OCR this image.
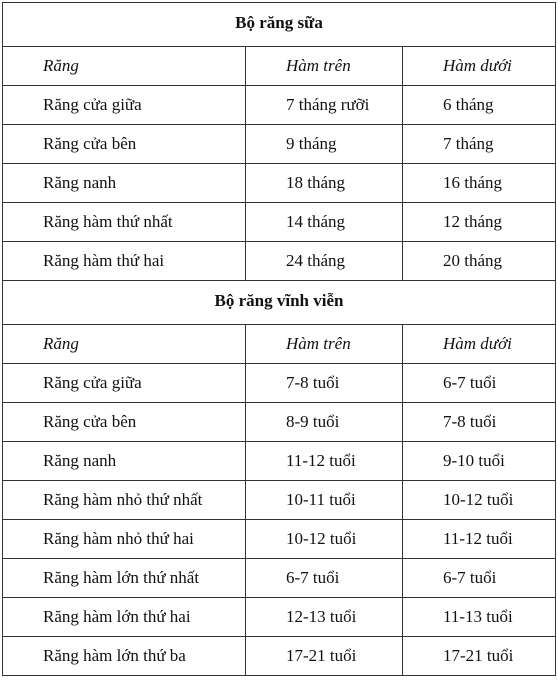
Bộ răng sữa		
Răng	Hàm trên	Hàm dưới
Răng cửa giữa	7 tháng rưỡi	6 tháng
Răng cửa bên	9 tháng	7 tháng
Răng nanh	18 tháng	16 tháng
Răng hàm thứ nhất	14 tháng	12 tháng
Răng hàm thứ hai	24 tháng	20 tháng
Bộ răng vĩnh viễn		
Răng	Hàm trên	Hàm dưới
Răng cửa giữa	7-8 tuổi	6-7 tuổi
Răng cửa bên	8-9 tuổi	7-8 tuổi
Răng nanh	11-12 tuổi	9-10 tuổi
Răng hàm nhỏ thứ nhất	10-11 tuổi	10-12 tuổi
Răng hàm nhỏ thứ hai	10-12 tuổi	11-12 tuổi
Răng hàm lớn thứ nhất	6-7 tuổi	6-7 tuổi
Răng hàm lớn thứ hai	12-13 tuổi	11-13 tuổi
Răng hàm lớn thứ ba	17-21 tuổi	17-21 tuổi
